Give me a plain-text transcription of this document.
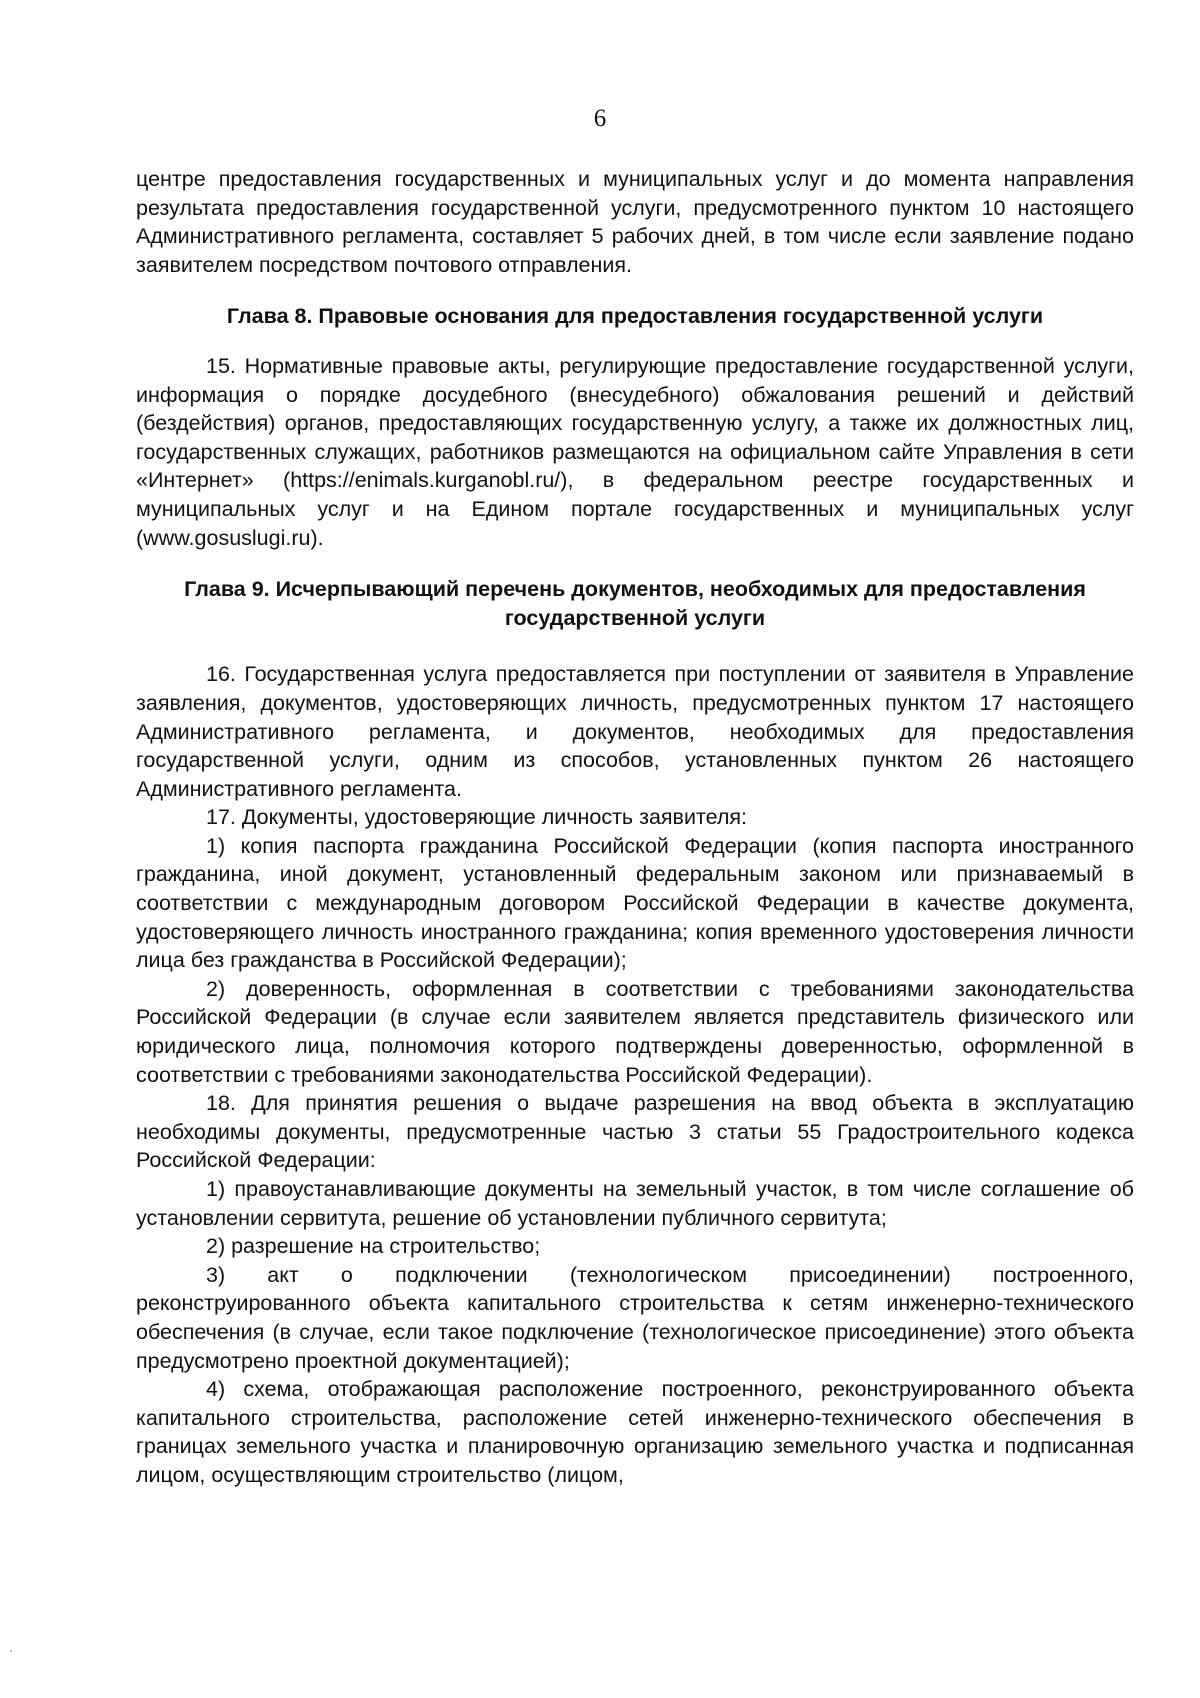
6

центре предоставления государственных и муниципальных услуг и до момента направления результата предоставления государственной услуги, предусмотренного пунктом 10 настоящего Административного регламента, составляет 5 рабочих дней, в том числе если заявление подано заявителем посредством почтового отправления.

Глава 8. Правовые основания для предоставления государственной услуги

15. Нормативные правовые акты, регулирующие предоставление государственной услуги, информация о порядке досудебного (внесудебного) обжалования решений и действий (бездействия) органов, предоставляющих государственную услугу, а также их должностных лиц, государственных служащих, работников размещаются на официальном сайте Управления в сети «Интернет» (https://enimals.kurganobl.ru/), в федеральном реестре государственных и муниципальных услуг и на Едином портале государственных и муниципальных услуг (www.gosuslugi.ru).

Глава 9. Исчерпывающий перечень документов, необходимых для предоставления
государственной услуги

16. Государственная услуга предоставляется при поступлении от заявителя в Управление заявления, документов, удостоверяющих личность, предусмотренных пунктом 17 настоящего Административного регламента, и документов, необходимых для предоставления государственной услуги, одним из способов, установленных пунктом 26 настоящего Административного регламента.

17. Документы, удостоверяющие личность заявителя:

1) копия паспорта гражданина Российской Федерации (копия паспорта иностранного гражданина, иной документ, установленный федеральным законом или признаваемый в соответствии с международным договором Российской Федерации в качестве документа, удостоверяющего личность иностранного гражданина; копия временного удостоверения личности лица без гражданства в Российской Федерации);

2) доверенность, оформленная в соответствии с требованиями законодательства Российской Федерации (в случае если заявителем является представитель физического или юридического лица, полномочия которого подтверждены доверенностью, оформленной в соответствии с требованиями законодательства Российской Федерации).

18. Для принятия решения о выдаче разрешения на ввод объекта в эксплуатацию необходимы документы, предусмотренные частью 3 статьи 55 Градостроительного кодекса Российской Федерации:

1) правоустанавливающие документы на земельный участок, в том числе соглашение об установлении сервитута, решение об установлении публичного сервитута;

2) разрешение на строительство;

3) акт о подключении (технологическом присоединении) построенного, реконструированного объекта капитального строительства к сетям инженерно-технического обеспечения (в случае, если такое подключение (технологическое присоединение) этого объекта предусмотрено проектной документацией);

4) схема, отображающая расположение построенного, реконструированного объекта капитального строительства, расположение сетей инженерно-технического обеспечения в границах земельного участка и планировочную организацию земельного участка и подписанная лицом, осуществляющим строительство (лицом,
